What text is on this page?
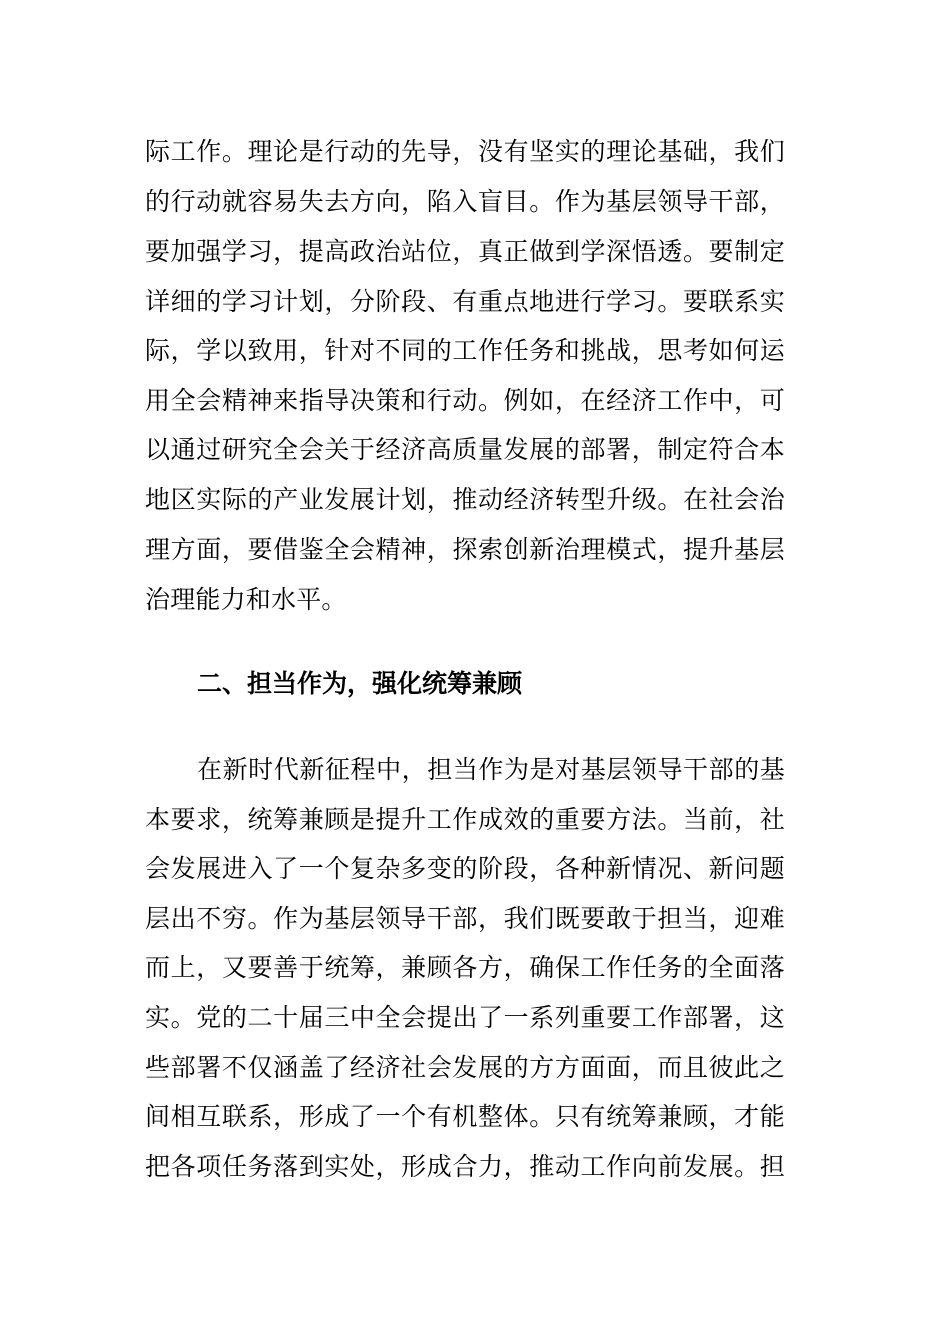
际工作。理论是行动的先导，没有坚实的理论基础，我们
的行动就容易失去方向，陷入盲目。作为基层领导干部，
要加强学习，提高政治站位，真正做到学深悟透。要制定
详细的学习计划，分阶段、有重点地进行学习。要联系实
际，学以致用，针对不同的工作任务和挑战，思考如何运
用全会精神来指导决策和行动。例如，在经济工作中，可
以通过研究全会关于经济高质量发展的部署，制定符合本
地区实际的产业发展计划，推动经济转型升级。在社会治
理方面，要借鉴全会精神，探索创新治理模式，提升基层
治理能力和水平。
二、担当作为，强化统筹兼顾
在新时代新征程中，担当作为是对基层领导干部的基
本要求，统筹兼顾是提升工作成效的重要方法。当前，社
会发展进入了一个复杂多变的阶段，各种新情况、新问题
层出不穷。作为基层领导干部，我们既要敢于担当，迎难
而上，又要善于统筹，兼顾各方，确保工作任务的全面落
实。党的二十届三中全会提出了一系列重要工作部署，这
些部署不仅涵盖了经济社会发展的方方面面，而且彼此之
间相互联系，形成了一个有机整体。只有统筹兼顾，才能
把各项任务落到实处，形成合力，推动工作向前发展。担
